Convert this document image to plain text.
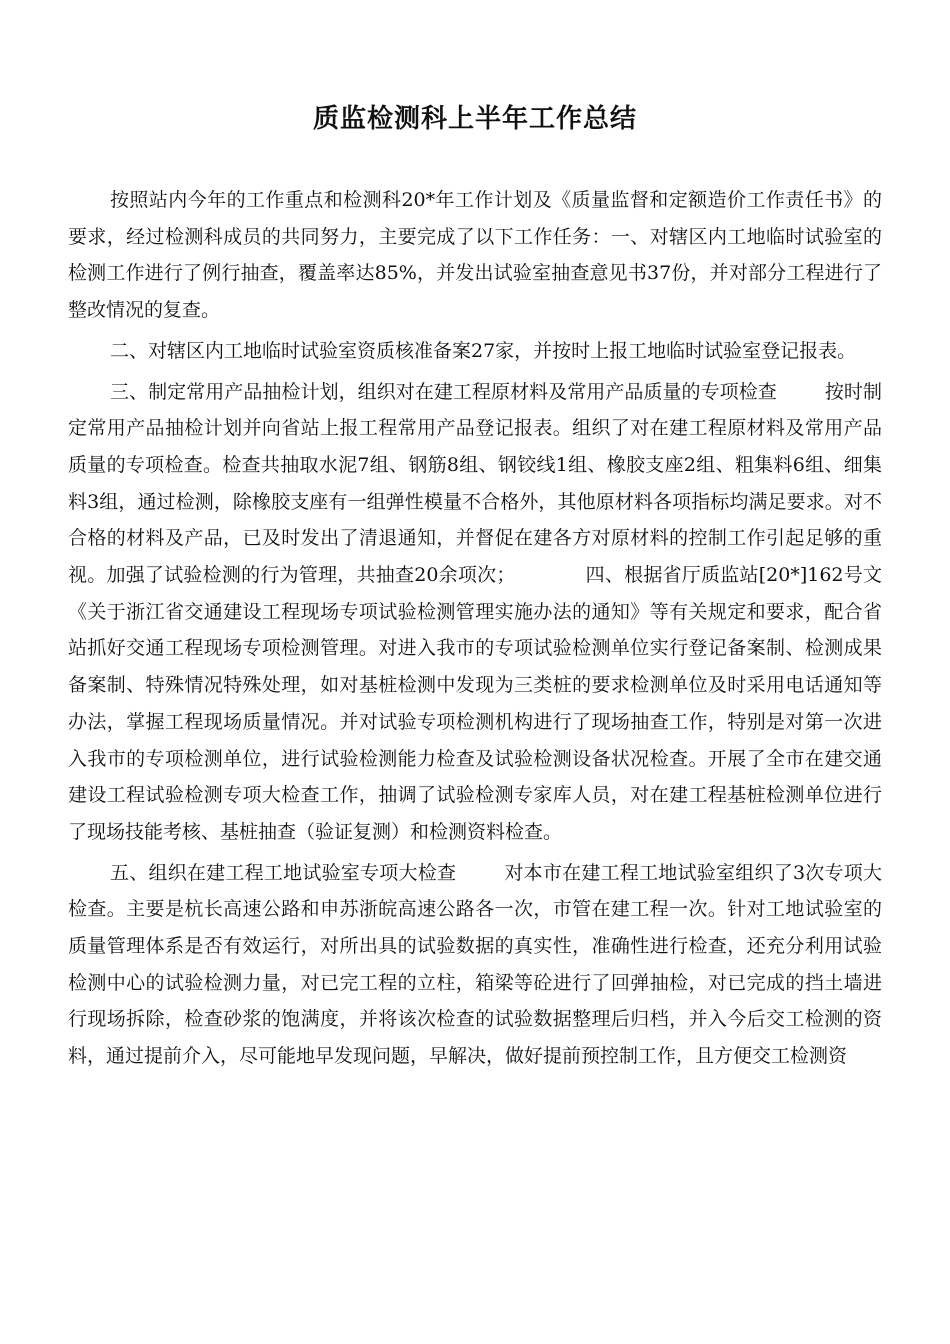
质监检测科上半年工作总结

按照站内今年的工作重点和检测科20*年工作计划及《质量监督和定额造价工作责任书》的要求，经过检测科成员的共同努力，主要完成了以下工作任务：一、对辖区内工地临时试验室的检测工作进行了例行抽查，覆盖率达85%，并发出试验室抽查意见书37份，并对部分工程进行了整改情况的复查。

二、对辖区内工地临时试验室资质核准备案27家，并按时上报工地临时试验室登记报表。

三、制定常用产品抽检计划，组织对在建工程原材料及常用产品质量的专项检查	按时制定常用产品抽检计划并向省站上报工程常用产品登记报表。组织了对在建工程原材料及常用产品质量的专项检查。检查共抽取水泥7组、钢筋8组、钢铰线1组、橡胶支座2组、粗集料6组、细集料3组，通过检测，除橡胶支座有一组弹性模量不合格外，其他原材料各项指标均满足要求。对不合格的材料及产品，已及时发出了清退通知，并督促在建各方对原材料的控制工作引起足够的重视。加强了试验检测的行为管理，共抽查20余项次；	四、根据省厅质监站[20*]162号文《关于浙江省交通建设工程现场专项试验检测管理实施办法的通知》等有关规定和要求，配合省站抓好交通工程现场专项检测管理。对进入我市的专项试验检测单位实行登记备案制、检测成果备案制、特殊情况特殊处理，如对基桩检测中发现为三类桩的要求检测单位及时采用电话通知等办法，掌握工程现场质量情况。并对试验专项检测机构进行了现场抽查工作，特别是对第一次进入我市的专项检测单位，进行试验检测能力检查及试验检测设备状况检查。开展了全市在建交通建设工程试验检测专项大检查工作，抽调了试验检测专家库人员，对在建工程基桩检测单位进行了现场技能考核、基桩抽查（验证复测）和检测资料检查。

五、组织在建工程工地试验室专项大检查	对本市在建工程工地试验室组织了3次专项大检查。主要是杭长高速公路和申苏浙皖高速公路各一次，市管在建工程一次。针对工地试验室的质量管理体系是否有效运行，对所出具的试验数据的真实性，准确性进行检查，还充分利用试验检测中心的试验检测力量，对已完工程的立柱，箱梁等砼进行了回弹抽检，对已完成的挡土墙进行现场拆除，检查砂浆的饱满度，并将该次检查的试验数据整理后归档，并入今后交工检测的资料，通过提前介入，尽可能地早发现问题，早解决，做好提前预控制工作，且方便交工检测资
